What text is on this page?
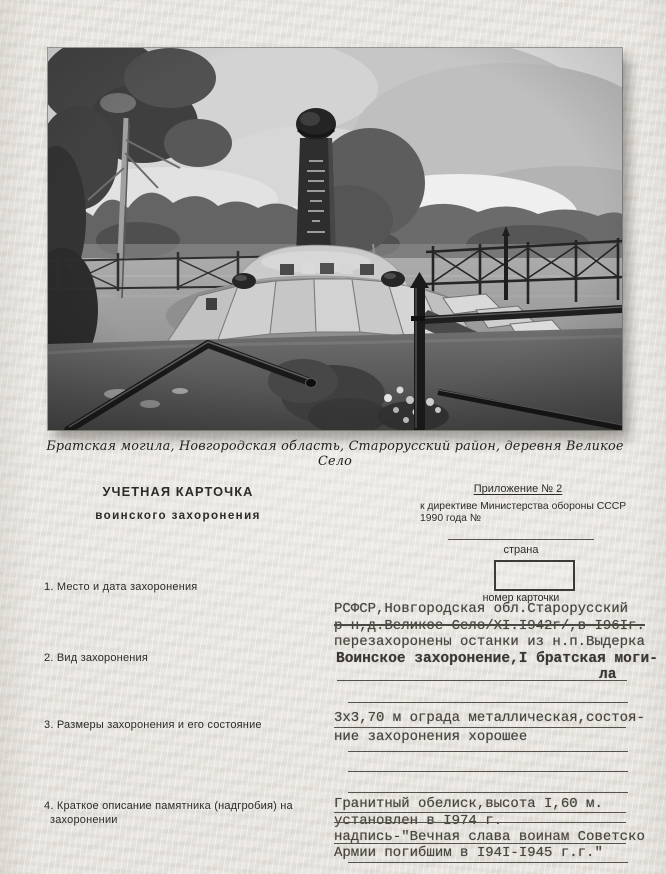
Братская могила, Новгородская область, Старорусский район, деревня Великое Село
УЧЕТНАЯ КАРТОЧКА
воинского захоронения
Приложение № 2
к директиве Министерства обороны СССР
1990 года №
страна
номер карточки
1. Место и дата захоронения
2. Вид захоронения
3. Размеры захоронения и его состояние
4. Краткое описание памятника (надгробия) на захоронении
РСФСР,Новгородская обл.Старорусский
р-н,д.Великое Село/XI.I942г/,в I96Iг.
перезахоронены останки из н.п.Выдерка
Воинское захоронение,I братская моги-
ла
3х3,70 м ограда металлическая,состоя-
ние захоронения хорошее
Гранитный обелиск,высота I,60 м.
установлен в I974 г.
надпись-"Вечная слава воинам Советско
Армии погибшим в I94I-I945 г.г."
